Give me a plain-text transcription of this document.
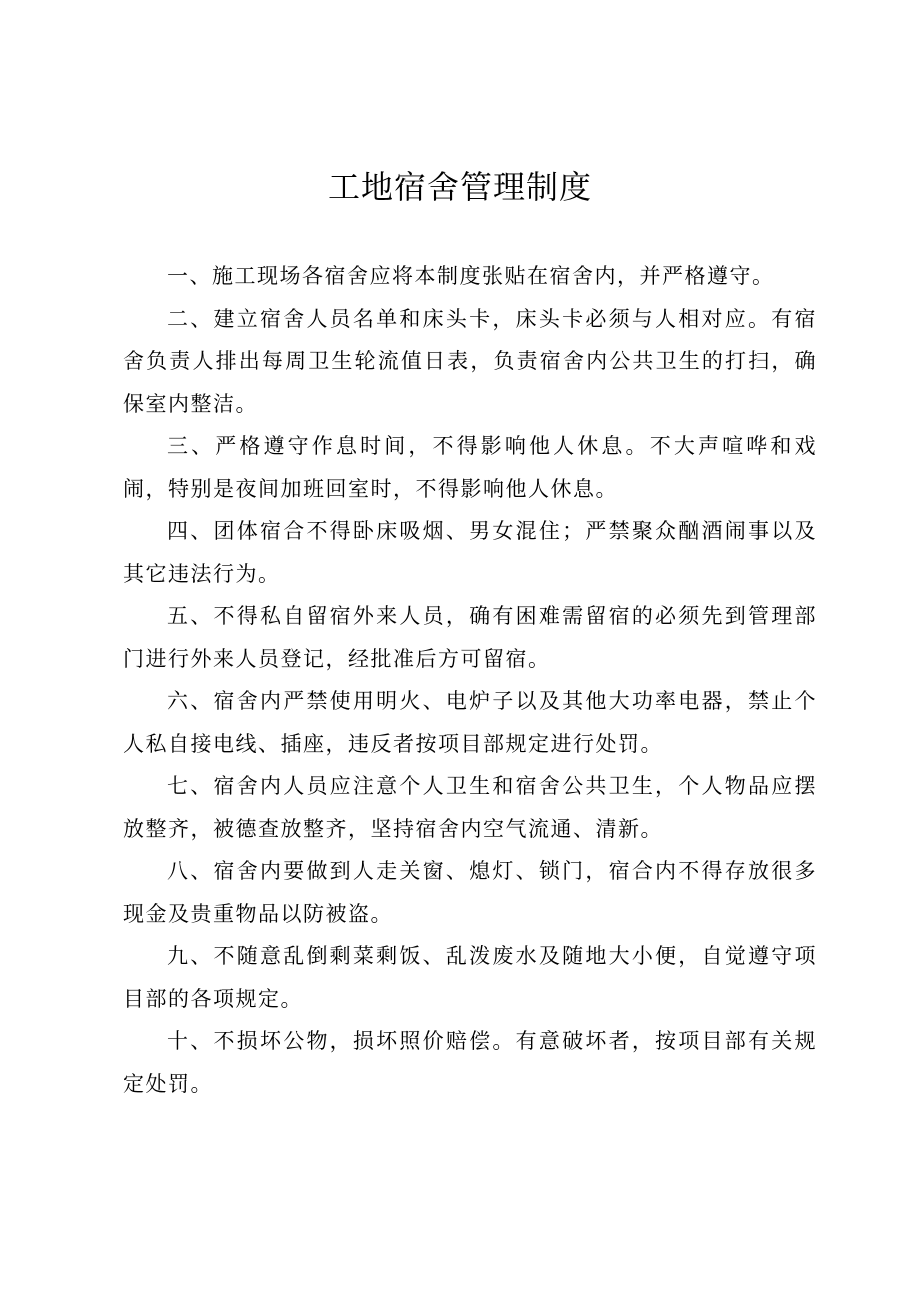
工地宿舍管理制度
一、施工现场各宿舍应将本制度张贴在宿舍内，并严格遵守。
二、建立宿舍人员名单和床头卡，床头卡必须与人相对应。有宿舍负责人排出每周卫生轮流值日表，负责宿舍内公共卫生的打扫，确保室内整洁。
三、严格遵守作息时间，不得影响他人休息。不大声喧哗和戏闹，特别是夜间加班回室时，不得影响他人休息。
四、团体宿合不得卧床吸烟、男女混住；严禁聚众酗酒闹事以及其它违法行为。
五、不得私自留宿外来人员，确有困难需留宿的必须先到管理部门进行外来人员登记，经批准后方可留宿。
六、宿舍内严禁使用明火、电炉子以及其他大功率电器，禁止个人私自接电线、插座，违反者按项目部规定进行处罚。
七、宿舍内人员应注意个人卫生和宿舍公共卫生，个人物品应摆放整齐，被德查放整齐，坚持宿舍内空气流通、清新。
八、宿舍内要做到人走关窗、熄灯、锁门，宿合内不得存放很多现金及贵重物品以防被盗。
九、不随意乱倒剩菜剩饭、乱泼废水及随地大小便，自觉遵守项目部的各项规定。
十、不损坏公物，损坏照价赔偿。有意破坏者，按项目部有关规定处罚。
